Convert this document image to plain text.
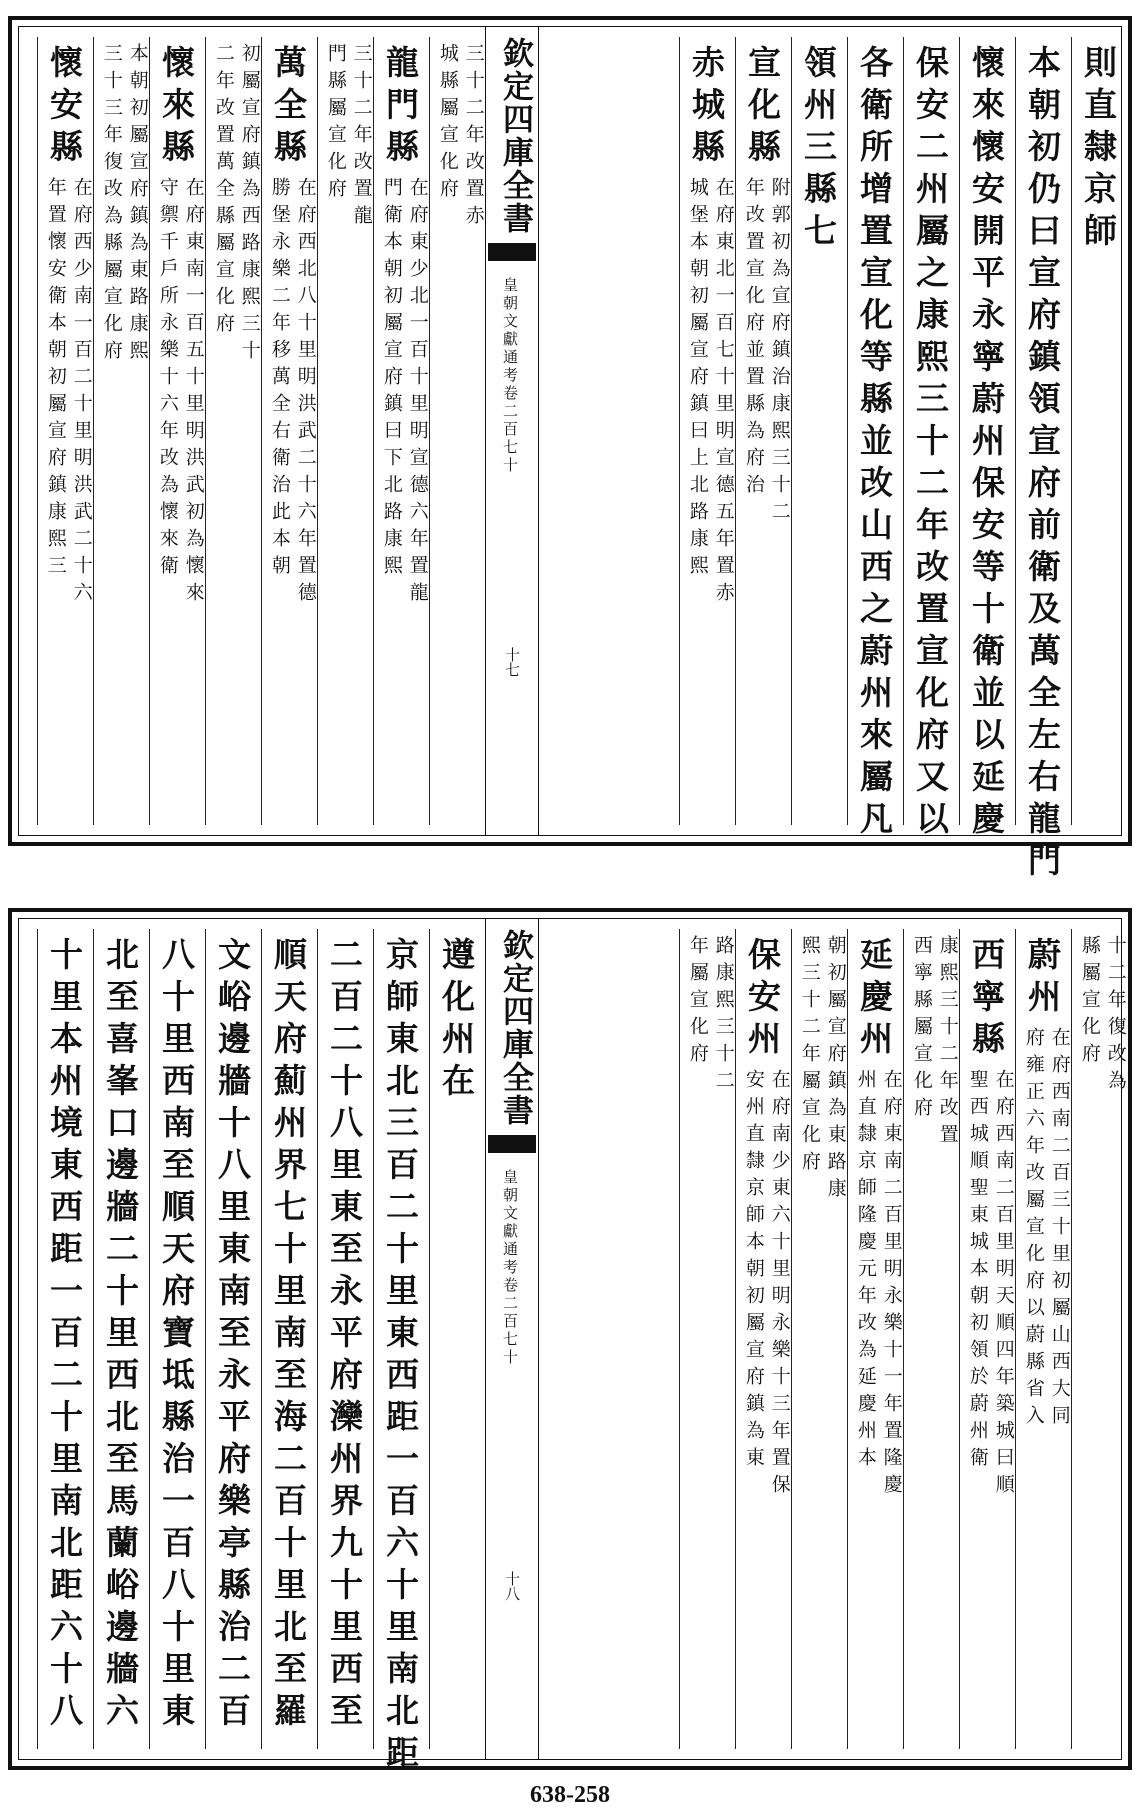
則直隸京師
本朝初仍曰宣府鎮領宣府前衛及萬全左右龍門
懷來懷安開平永寧蔚州保安等十衛並以延慶
保安二州屬之康熙三十二年改置宣化府又以
各衛所增置宣化等縣並改山西之蔚州來屬凡
領州三縣七
宣化縣
附郭初為宣府鎮治康熙三十二
年改置宣化府並置縣為府治
赤城縣
在府東北一百七十里明宣德五年置赤
城堡本朝初屬宣府鎮曰上北路康熙
三十二年改置赤
城縣屬宣化府
龍門縣
在府東少北一百十里明宣德六年置龍
門衛本朝初屬宣府鎮曰下北路康熙
三十二年改置龍
門縣屬宣化府
萬全縣
在府西北八十里明洪武二十六年置德
勝堡永樂二年移萬全右衛治此本朝
初屬宣府鎮為西路康熙三十
二年改置萬全縣屬宣化府
懷來縣
在府東南一百五十里明洪武初為懷來
守禦千戶所永樂十六年改為懷來衛
本朝初屬宣府鎮為東路康熙
三十三年復改為縣屬宣化府
懷安縣
在府西少南一百二十里明洪武二十六
年置懷安衛本朝初屬宣府鎮康熙三
欽定四庫全書
皇朝文獻通考卷二百七十
十七
十二年復改為
縣屬宣化府
蔚州
在府西南二百三十里初屬山西大同
府雍正六年改屬宣化府以蔚縣省入
西寧縣
在府西南二百里明天順四年築城曰順
聖西城順聖東城本朝初領於蔚州衛
康熙三十二年改置
西寧縣屬宣化府
延慶州
在府東南二百里明永樂十一年置隆慶
州直隸京師隆慶元年改為延慶州本
朝初屬宣府鎮為東路康
熙三十二年屬宣化府
保安州
在府南少東六十里明永樂十三年置保
安州直隸京師本朝初屬宣府鎮為東
路康熙三十二
年屬宣化府
遵化州在
京師東北三百二十里東西距一百六十里南北距
二百二十八里東至永平府灤州界九十里西至
順天府薊州界七十里南至海二百十里北至羅
文峪邊牆十八里東南至永平府樂亭縣治二百
八十里西南至順天府寶坻縣治一百八十里東
北至喜峯口邊牆二十里西北至馬蘭峪邊牆六
十里本州境東西距一百二十里南北距六十八	欽定四庫全書
皇朝文獻通考卷二百七十
十八
638-258
